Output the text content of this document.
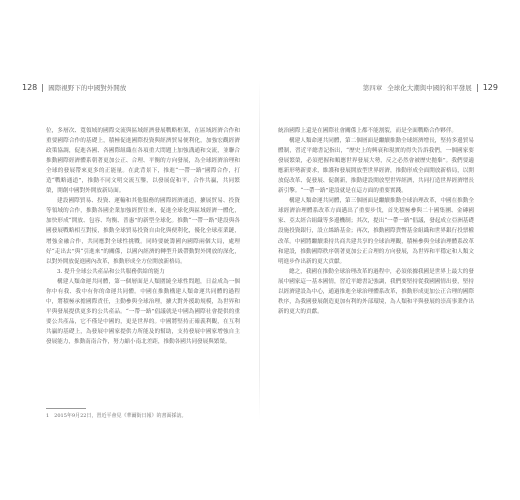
128 國際視野下的中國對外開放

位，多層次、寬領域的國際交流與區域經濟發展戰略框架，在區域經濟合作和重要國際合作的基礎上，積極促進國際投資與經濟貿易便利化，加強宏觀經濟政策協調，促進各國、各國際組織在各項重大問題上加強溝通和交流，並聯合推動國際經濟體系朝著更加公正、合理、平衡的方向發展，為全球經濟治理和全球的發展帶來更多的正能量。在此背景下，推進“一帶一路”國際合作，打造“戰略通道”，推動不同文明交流互鑒，以發展促和平，合作共贏，共同繁榮，開創中國對外開放新局面。

建設國際貿易、投資、運輸和其他服務的國際經濟通道，擴展貿易、投資等領域的合作，推動各國企業加強經貿往來，促進全球化與區域經濟一體化，加快形成“開放、包容、均衡、普惠”的新型全球化。推動“一帶一路”建設與各國發展戰略相互對接，推動全球貿易投資自由化與便利化，優化全球產業鏈，增強金融合作，共同應對全球性挑戰。同時要統籌國內國際兩個大局，處理好“走出去”與“引進來”的關係，以國內經濟的轉型升級帶動對外開放的深化，以對外開放促進國內改革，推動形成全方位開放新格局。

3. 提升全球公共產品和公共服務供給的能力

構建人類命運共同體，第一個層面是人類圍繞全球性問題，日益成為一個你中有我、我中有你的命運共同體。中國在推動構建人類命運共同體的過程中，將積極承擔國際責任，主動參與全球治理，擴大對外援助規模，為世界和平與發展提供更多的公共產品。“一帶一路”倡議就是中國為國際社會提供的重要公共產品，它不僅是中國的，更是世界的。中國將堅持正確義利觀，在互利共贏的基礎上，為發展中國家提供力所能及的幫助，支持發展中國家增強自主發展能力，推動南南合作，努力縮小南北差距，推動各國共同發展與繁榮。

1　2015年9月22日，習近平會見《華爾街日報》的書面採訪。
第四章 全球化大潮與中國的和平發展 129

統治國際上還是在國際社會關係上都不能割裂，而是全面戰略合作夥伴。

構建人類命運共同體，第二個層面是繼續推動全球經濟增長，堅持多邊貿易體制，習近平總書記指出，“歷史上的興衰和現實的得失告訴我們，一個國家要發展繁榮，必須把握和順應世界發展大勢，反之必然會被歷史拋棄”。我們要適應新形勢新要求，維護和發展開放型世界經濟，推動形成全面開放新格局，以開放促改革、促發展、促創新，推動建設開放型世界經濟，共同打造世界經濟增長新引擎。“一帶一路”建設就是在這方面的重要實踐。

構建人類命運共同體，第三個層面是繼續推動全球治理改革，中國在推動全球經濟治理體系改革方面邁出了重要步伐，首先積極參與二十國集團、金磚國家、亞太經合組織等多邊機制；其次，提出“一帶一路”倡議，發起成立亞洲基礎設施投資銀行，設立絲路基金；再次，推動國際貨幣基金組織和世界銀行投票權改革。中國將繼續秉持共商共建共享的全球治理觀，積極參與全球治理體系改革和建設，推動國際秩序朝著更加公正合理的方向發展，為世界和平穩定和人類文明進步作出新的更大貢獻。

總之，我國在推動全球治理改革的過程中，必須依據我國是世界上最大的發展中國家這一基本國情，習近平總書記強調，我們要堅持從我國國情出發，堅持以經濟建設為中心，通過推進全球治理體系改革，推動形成更加公正合理的國際秩序，為我國發展創造更加有利的外部環境，為人類和平與發展的崇高事業作出新的更大的貢獻。
